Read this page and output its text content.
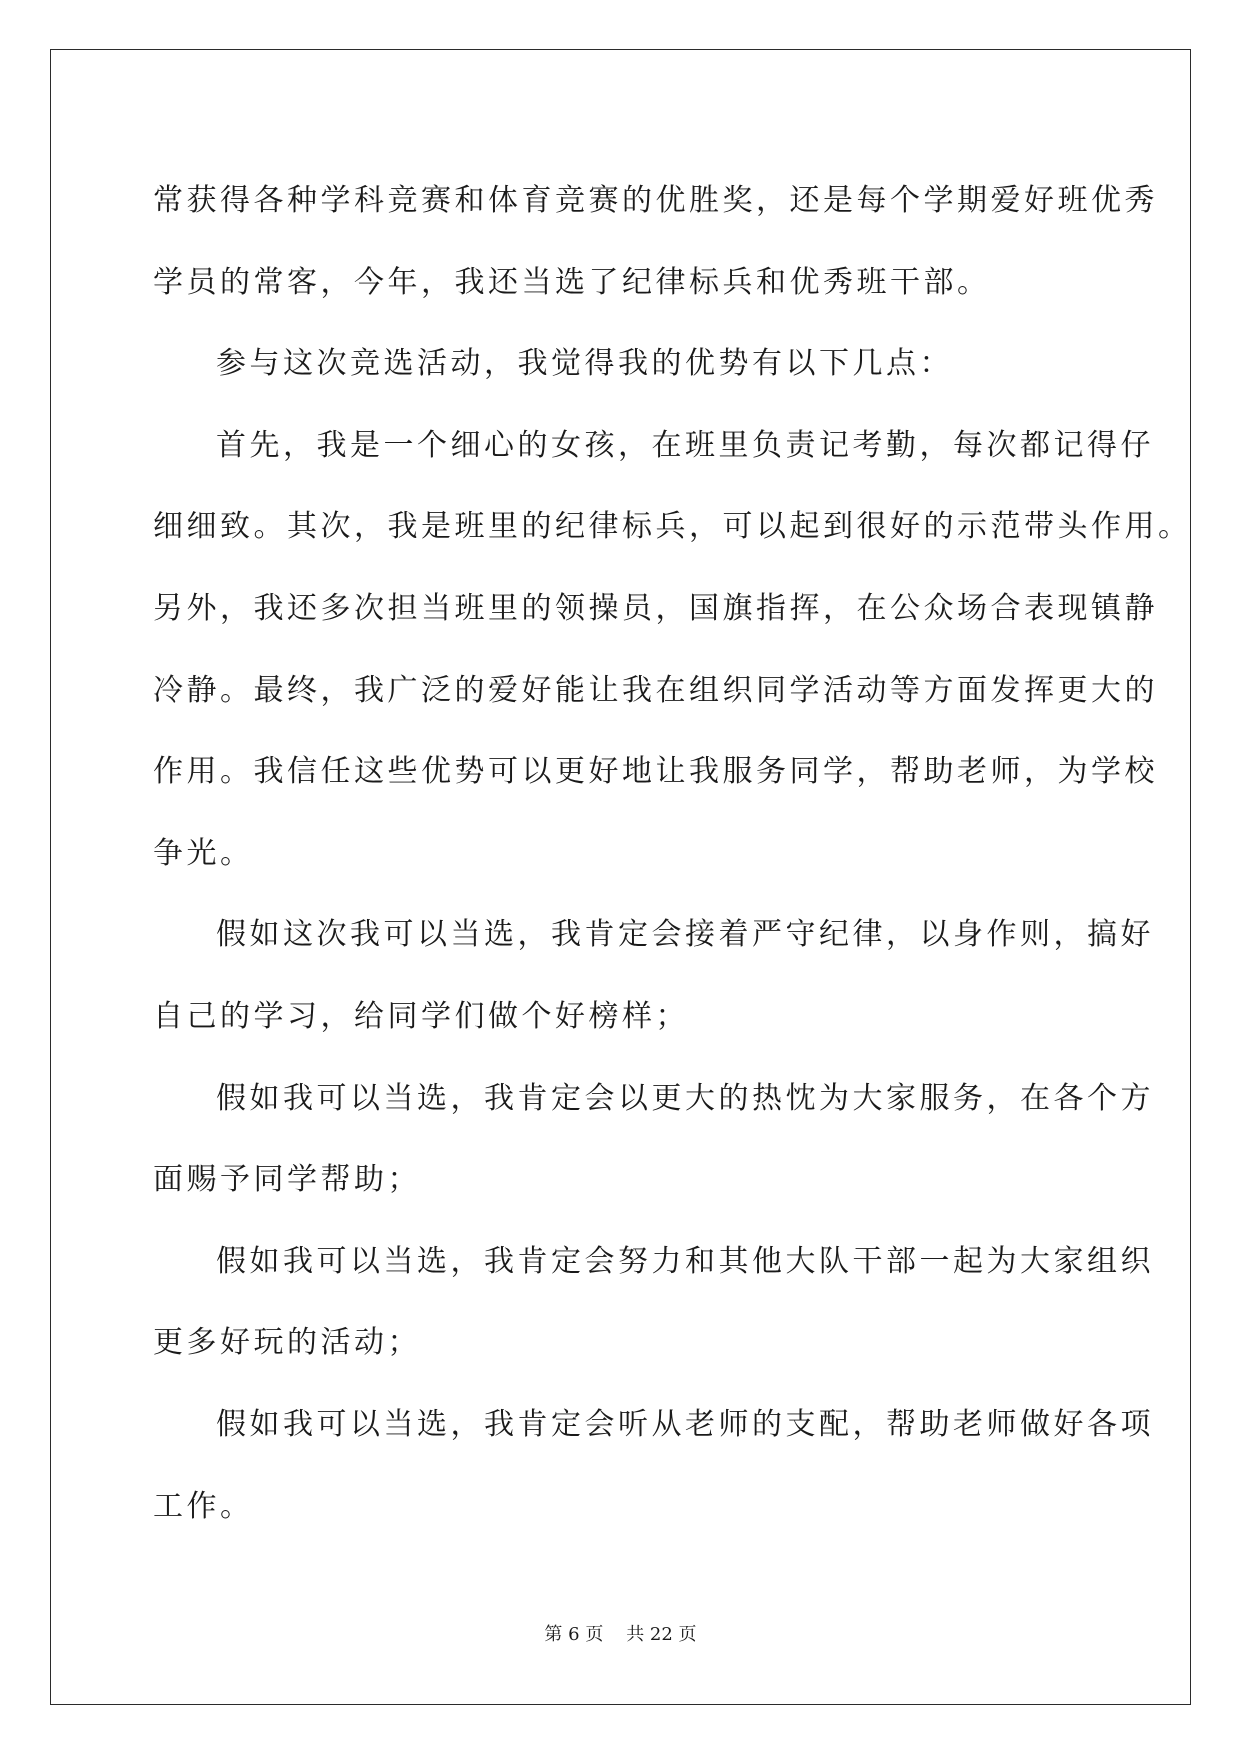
常获得各种学科竞赛和体育竞赛的优胜奖，还是每个学期爱好班优秀

学员的常客，今年，我还当选了纪律标兵和优秀班干部。

参与这次竞选活动，我觉得我的优势有以下几点：

首先，我是一个细心的女孩，在班里负责记考勤，每次都记得仔

细细致。其次，我是班里的纪律标兵，可以起到很好的示范带头作用。

另外，我还多次担当班里的领操员，国旗指挥，在公众场合表现镇静

冷静。最终，我广泛的爱好能让我在组织同学活动等方面发挥更大的

作用。我信任这些优势可以更好地让我服务同学，帮助老师，为学校

争光。

假如这次我可以当选，我肯定会接着严守纪律，以身作则，搞好

自己的学习，给同学们做个好榜样；

假如我可以当选，我肯定会以更大的热忱为大家服务，在各个方

面赐予同学帮助；

假如我可以当选，我肯定会努力和其他大队干部一起为大家组织

更多好玩的活动；

假如我可以当选，我肯定会听从老师的支配，帮助老师做好各项

工作。

第 6 页    共 22 页
